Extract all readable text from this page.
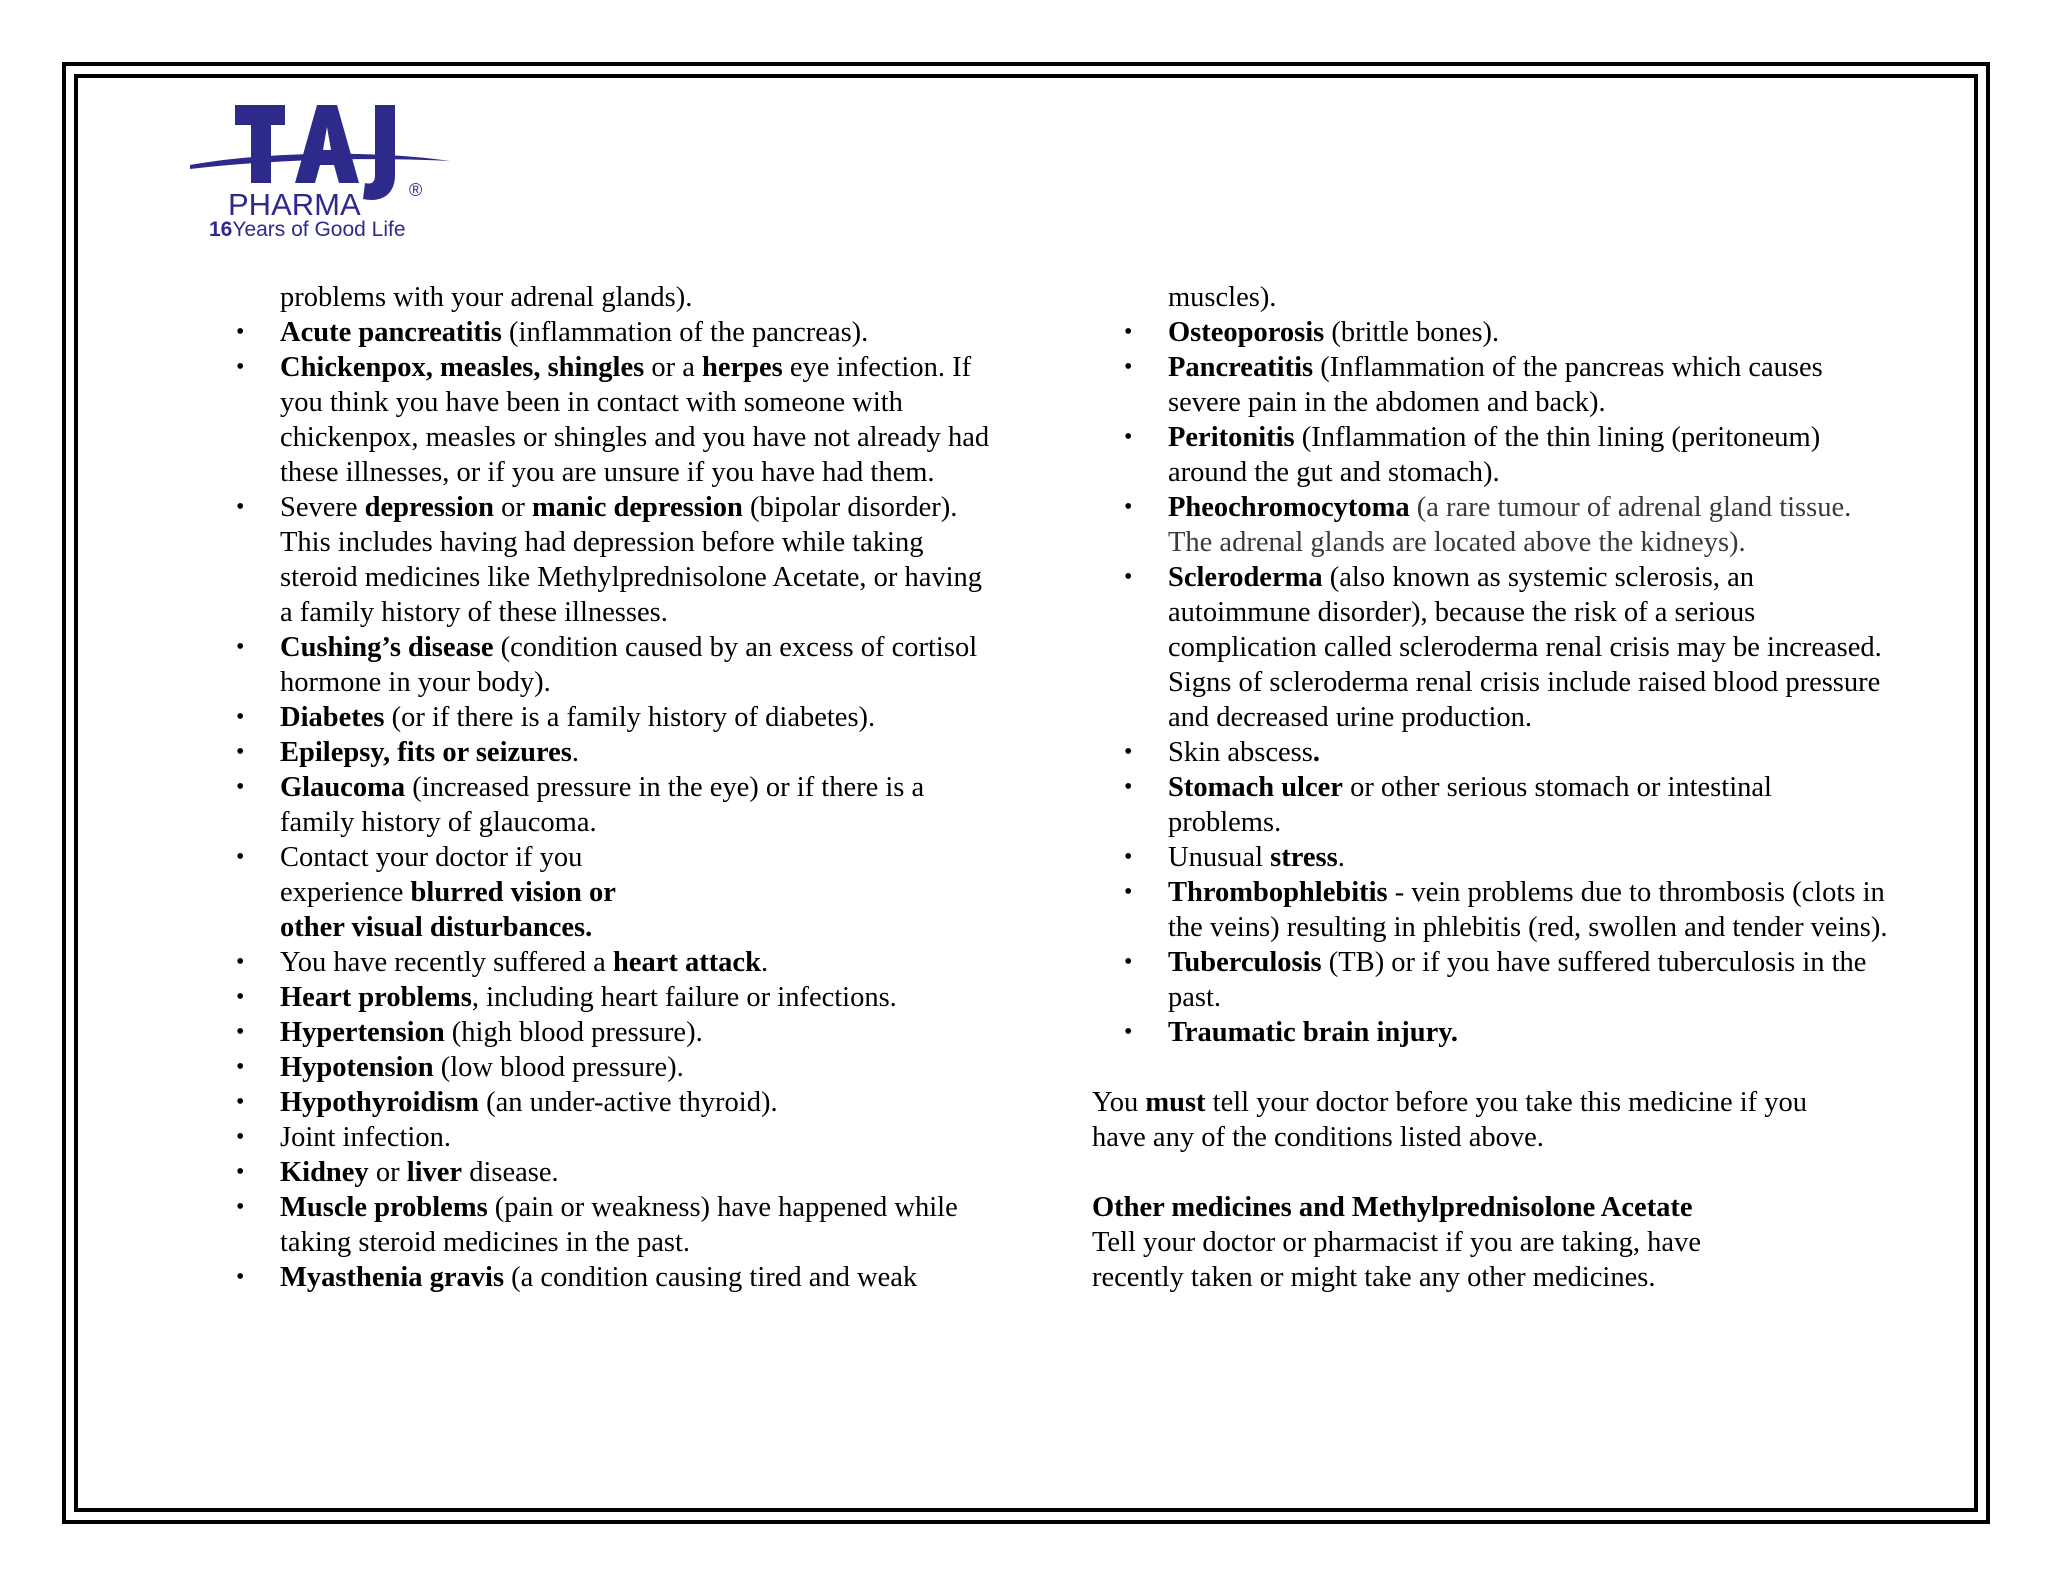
PHARMA	®
16Years of Good Life
problems with your adrenal glands).
• Acute pancreatitis (inflammation of the pancreas).
• Chickenpox, measles, shingles or a herpes eye infection. If you think you have been in contact with someone with chickenpox, measles or shingles and you have not already had these illnesses, or if you are unsure if you have had them.
• Severe depression or manic depression (bipolar disorder). This includes having had depression before while taking steroid medicines like Methylprednisolone Acetate, or having a family history of these illnesses.
• Cushing’s disease (condition caused by an excess of cortisol hormone in your body).
• Diabetes (or if there is a family history of diabetes).
• Epilepsy, fits or seizures.
• Glaucoma (increased pressure in the eye) or if there is a family history of glaucoma.
• Contact your doctor if you experience blurred vision or other visual disturbances.
• You have recently suffered a heart attack.
• Heart problems, including heart failure or infections.
• Hypertension (high blood pressure).
• Hypotension (low blood pressure).
• Hypothyroidism (an under-active thyroid).
• Joint infection.
• Kidney or liver disease.
• Muscle problems (pain or weakness) have happened while taking steroid medicines in the past.
• Myasthenia gravis (a condition causing tired and weak
muscles).
• Osteoporosis (brittle bones).
• Pancreatitis (Inflammation of the pancreas which causes severe pain in the abdomen and back).
• Peritonitis (Inflammation of the thin lining (peritoneum) around the gut and stomach).
• Pheochromocytoma (a rare tumour of adrenal gland tissue. The adrenal glands are located above the kidneys).
• Scleroderma (also known as systemic sclerosis, an autoimmune disorder), because the risk of a serious complication called scleroderma renal crisis may be increased. Signs of scleroderma renal crisis include raised blood pressure and decreased urine production.
• Skin abscess.
• Stomach ulcer or other serious stomach or intestinal problems.
• Unusual stress.
• Thrombophlebitis - vein problems due to thrombosis (clots in the veins) resulting in phlebitis (red, swollen and tender veins).
• Tuberculosis (TB) or if you have suffered tuberculosis in the past.
• Traumatic brain injury.
You must tell your doctor before you take this medicine if you have any of the conditions listed above.
Other medicines and Methylprednisolone Acetate
Tell your doctor or pharmacist if you are taking, have recently taken or might take any other medicines.
